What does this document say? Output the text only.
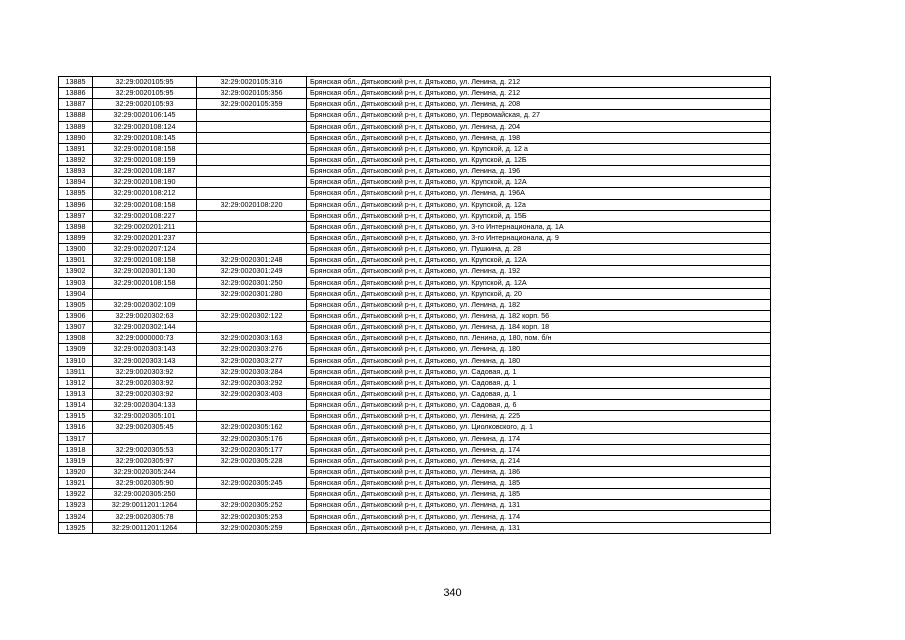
13885	32:29:0020105:95	32:29:0020105:316	Брянская обл., Дятьковский р-н, г. Дятьково, ул. Ленина, д. 212
13886	32:29:0020105:95	32:29:0020105:356	Брянская обл., Дятьковский р-н, г. Дятьково, ул. Ленина, д. 212
13887	32:29:0020105:93	32:29:0020105:359	Брянская обл., Дятьковский р-н, г. Дятьково, ул. Ленина, д. 208
13888	32:29:0020106:145		Брянская обл., Дятьковский р-н, г. Дятьково, ул. Первомайская, д. 27
13889	32:29:0020108:124		Брянская обл., Дятьковский р-н, г. Дятьково, ул. Ленина, д. 204
13890	32:29:0020108:145		Брянская обл., Дятьковский р-н, г. Дятьково, ул. Ленина, д. 198
13891	32:29:0020108:158		Брянская обл., Дятьковский р-н, г. Дятьково, ул. Крупской, д. 12 а
13892	32:29:0020108:159		Брянская обл., Дятьковский р-н, г. Дятьково, ул. Крупской, д. 12Б
13893	32:29:0020108:187		Брянская обл., Дятьковский р-н, г. Дятьково, ул. Ленина, д. 196
13894	32:29:0020108:190		Брянская обл., Дятьковский р-н, г. Дятьково, ул. Крупской, д. 12А
13895	32:29:0020108:212		Брянская обл., Дятьковский р-н, г. Дятьково, ул. Ленина, д. 196А
13896	32:29:0020108:158	32:29:0020108:220	Брянская обл., Дятьковский р-н, г. Дятьково, ул. Крупской, д. 12а
13897	32:29:0020108:227		Брянская обл., Дятьковский р-н, г. Дятьково, ул. Крупской, д. 15Б
13898	32:29:0020201:211		Брянская обл., Дятьковский р-н, г. Дятьково, ул. 3-го Интернационала, д. 1А
13899	32:29:0020201:237		Брянская обл., Дятьковский р-н, г. Дятьково, ул. 3-го Интернационала, д. 9
13900	32:29:0020207:124		Брянская обл., Дятьковский р-н, г. Дятьково, ул. Пушкина, д. 28
13901	32:29:0020108:158	32:29:0020301:248	Брянская обл., Дятьковский р-н, г. Дятьково, ул. Крупской, д. 12А
13902	32:29:0020301:130	32:29:0020301:249	Брянская обл., Дятьковский р-н, г. Дятьково, ул. Ленина, д. 192
13903	32:29:0020108:158	32:29:0020301:250	Брянская обл., Дятьковский р-н, г. Дятьково, ул. Крупской, д. 12А
13904		32:29:0020301:280	Брянская обл., Дятьковский р-н, г. Дятьково, ул. Крупской, д. 20
13905	32:29:0020302:109		Брянская обл., Дятьковский р-н, г. Дятьково, ул. Ленина, д. 182
13906	32:29:0020302:63	32:29:0020302:122	Брянская обл., Дятьковский р-н, г. Дятьково, ул. Ленина, д. 182 корп. 56
13907	32:29:0020302:144		Брянская обл., Дятьковский р-н, г. Дятьково, ул. Ленина, д. 184 корп. 18
13908	32:29:0000000:73	32:29:0020303:163	Брянская обл., Дятьковский р-н, г. Дятьково, пл. Ленина, д. 180, пом. б/н
13909	32:29:0020303:143	32:29:0020303:276	Брянская обл., Дятьковский р-н, г. Дятьково, ул. Ленина, д. 180
13910	32:29:0020303:143	32:29:0020303:277	Брянская обл., Дятьковский р-н, г. Дятьково, ул. Ленина, д. 180
13911	32:29:0020303:92	32:29:0020303:284	Брянская обл., Дятьковский р-н, г. Дятьково, ул. Садовая, д. 1
13912	32:29:0020303:92	32:29:0020303:292	Брянская обл., Дятьковский р-н, г. Дятьково, ул. Садовая, д. 1
13913	32:29:0020303:92	32:29:0020303:403	Брянская обл., Дятьковский р-н, г. Дятьково, ул. Садовая, д. 1
13914	32:29:0020304:133		Брянская обл., Дятьковский р-н, г. Дятьково, ул. Садовая, д. 6
13915	32:29:0020305:101		Брянская обл., Дятьковский р-н, г. Дятьково, ул. Ленина, д. 225
13916	32:29:0020305:45	32:29:0020305:162	Брянская обл., Дятьковский р-н, г. Дятьково, ул. Циолковского, д. 1
13917		32:29:0020305:176	Брянская обл., Дятьковский р-н, г. Дятьково, ул. Ленина, д. 174
13918	32:29:0020305:53	32:29:0020305:177	Брянская обл., Дятьковский р-н, г. Дятьково, ул. Ленина, д. 174
13919	32:29:0020305:97	32:29:0020305:228	Брянская обл., Дятьковский р-н, г. Дятьково, ул. Ленина, д. 214
13920	32:29:0020305:244		Брянская обл., Дятьковский р-н, г. Дятьково, ул. Ленина, д. 186
13921	32:29:0020305:90	32:29:0020305:245	Брянская обл., Дятьковский р-н, г. Дятьково, ул. Ленина, д. 185
13922	32:29:0020305:250		Брянская обл., Дятьковский р-н, г. Дятьково, ул. Ленина, д. 185
13923	32:29:0011201:1264	32:29:0020305:252	Брянская обл., Дятьковский р-н, г. Дятьково, ул. Ленина, д. 131
13924	32:29:0020305:78	32:29:0020305:253	Брянская обл., Дятьковский р-н, г. Дятьково, ул. Ленина, д. 174
13925	32:29:0011201:1264	32:29:0020305:259	Брянская обл., Дятьковский р-н, г. Дятьково, ул. Ленина, д. 131
340
